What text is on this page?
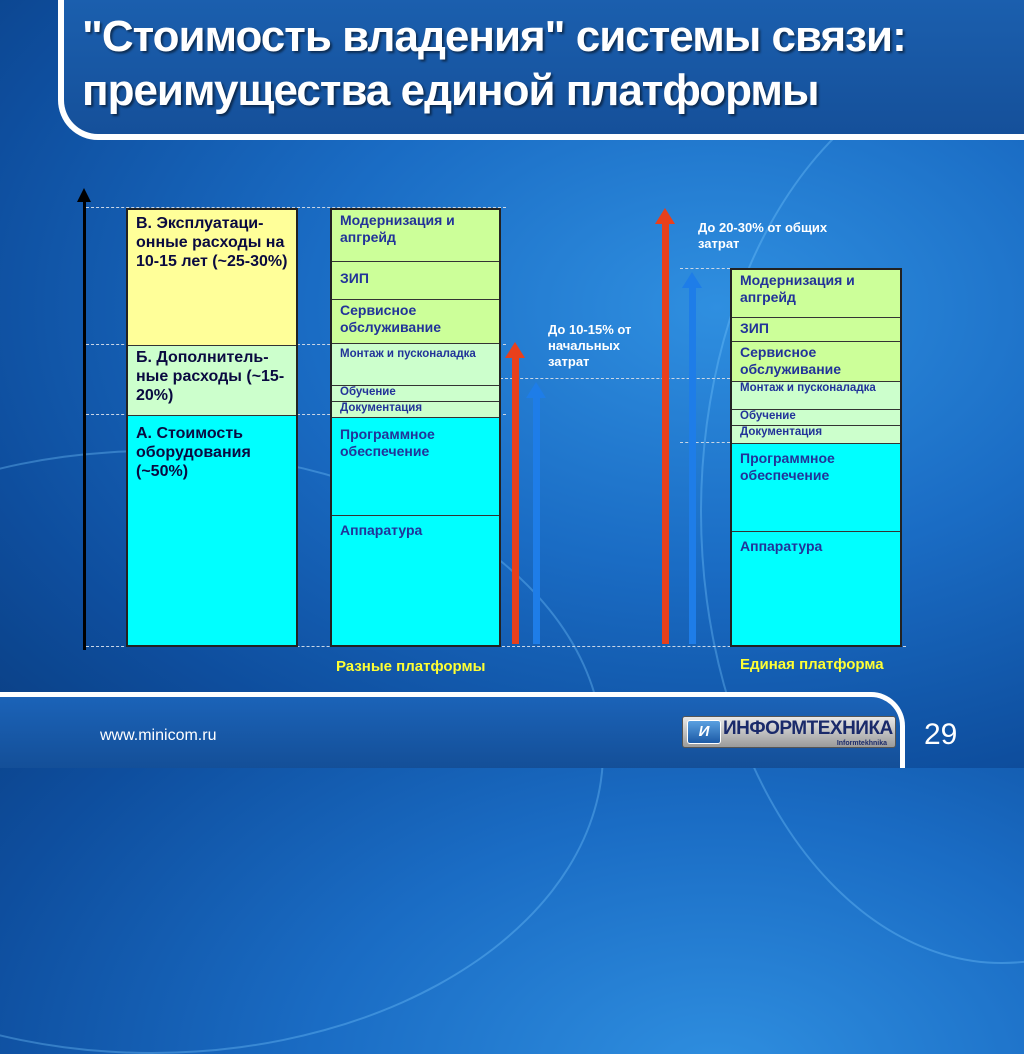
"Стоимость владения" системы связи:
преимущества единой платформы
В. Эксплуатаци-онные расходы на 10-15 лет (~25-30%)
Б. Дополнитель-ные расходы (~15-20%)
А. Стоимость оборудования (~50%)
Модернизация и апгрейд
ЗИП
Сервисное обслуживание
Монтаж и пусконаладка
Обучение
Документация
Программное обеспечение
Аппаратура
До 10-15% от начальных затрат
До 20-30% от общих затрат
Модернизация и апгрейд
ЗИП
Сервисное обслуживание
Монтаж и пусконаладка
Обучение
Документация
Программное обеспечение
Аппаратура
Разные платформы	Единая платформа
www.minicom.ru	И ИНФОРМТЕХНИКА
Informtekhnika 29
